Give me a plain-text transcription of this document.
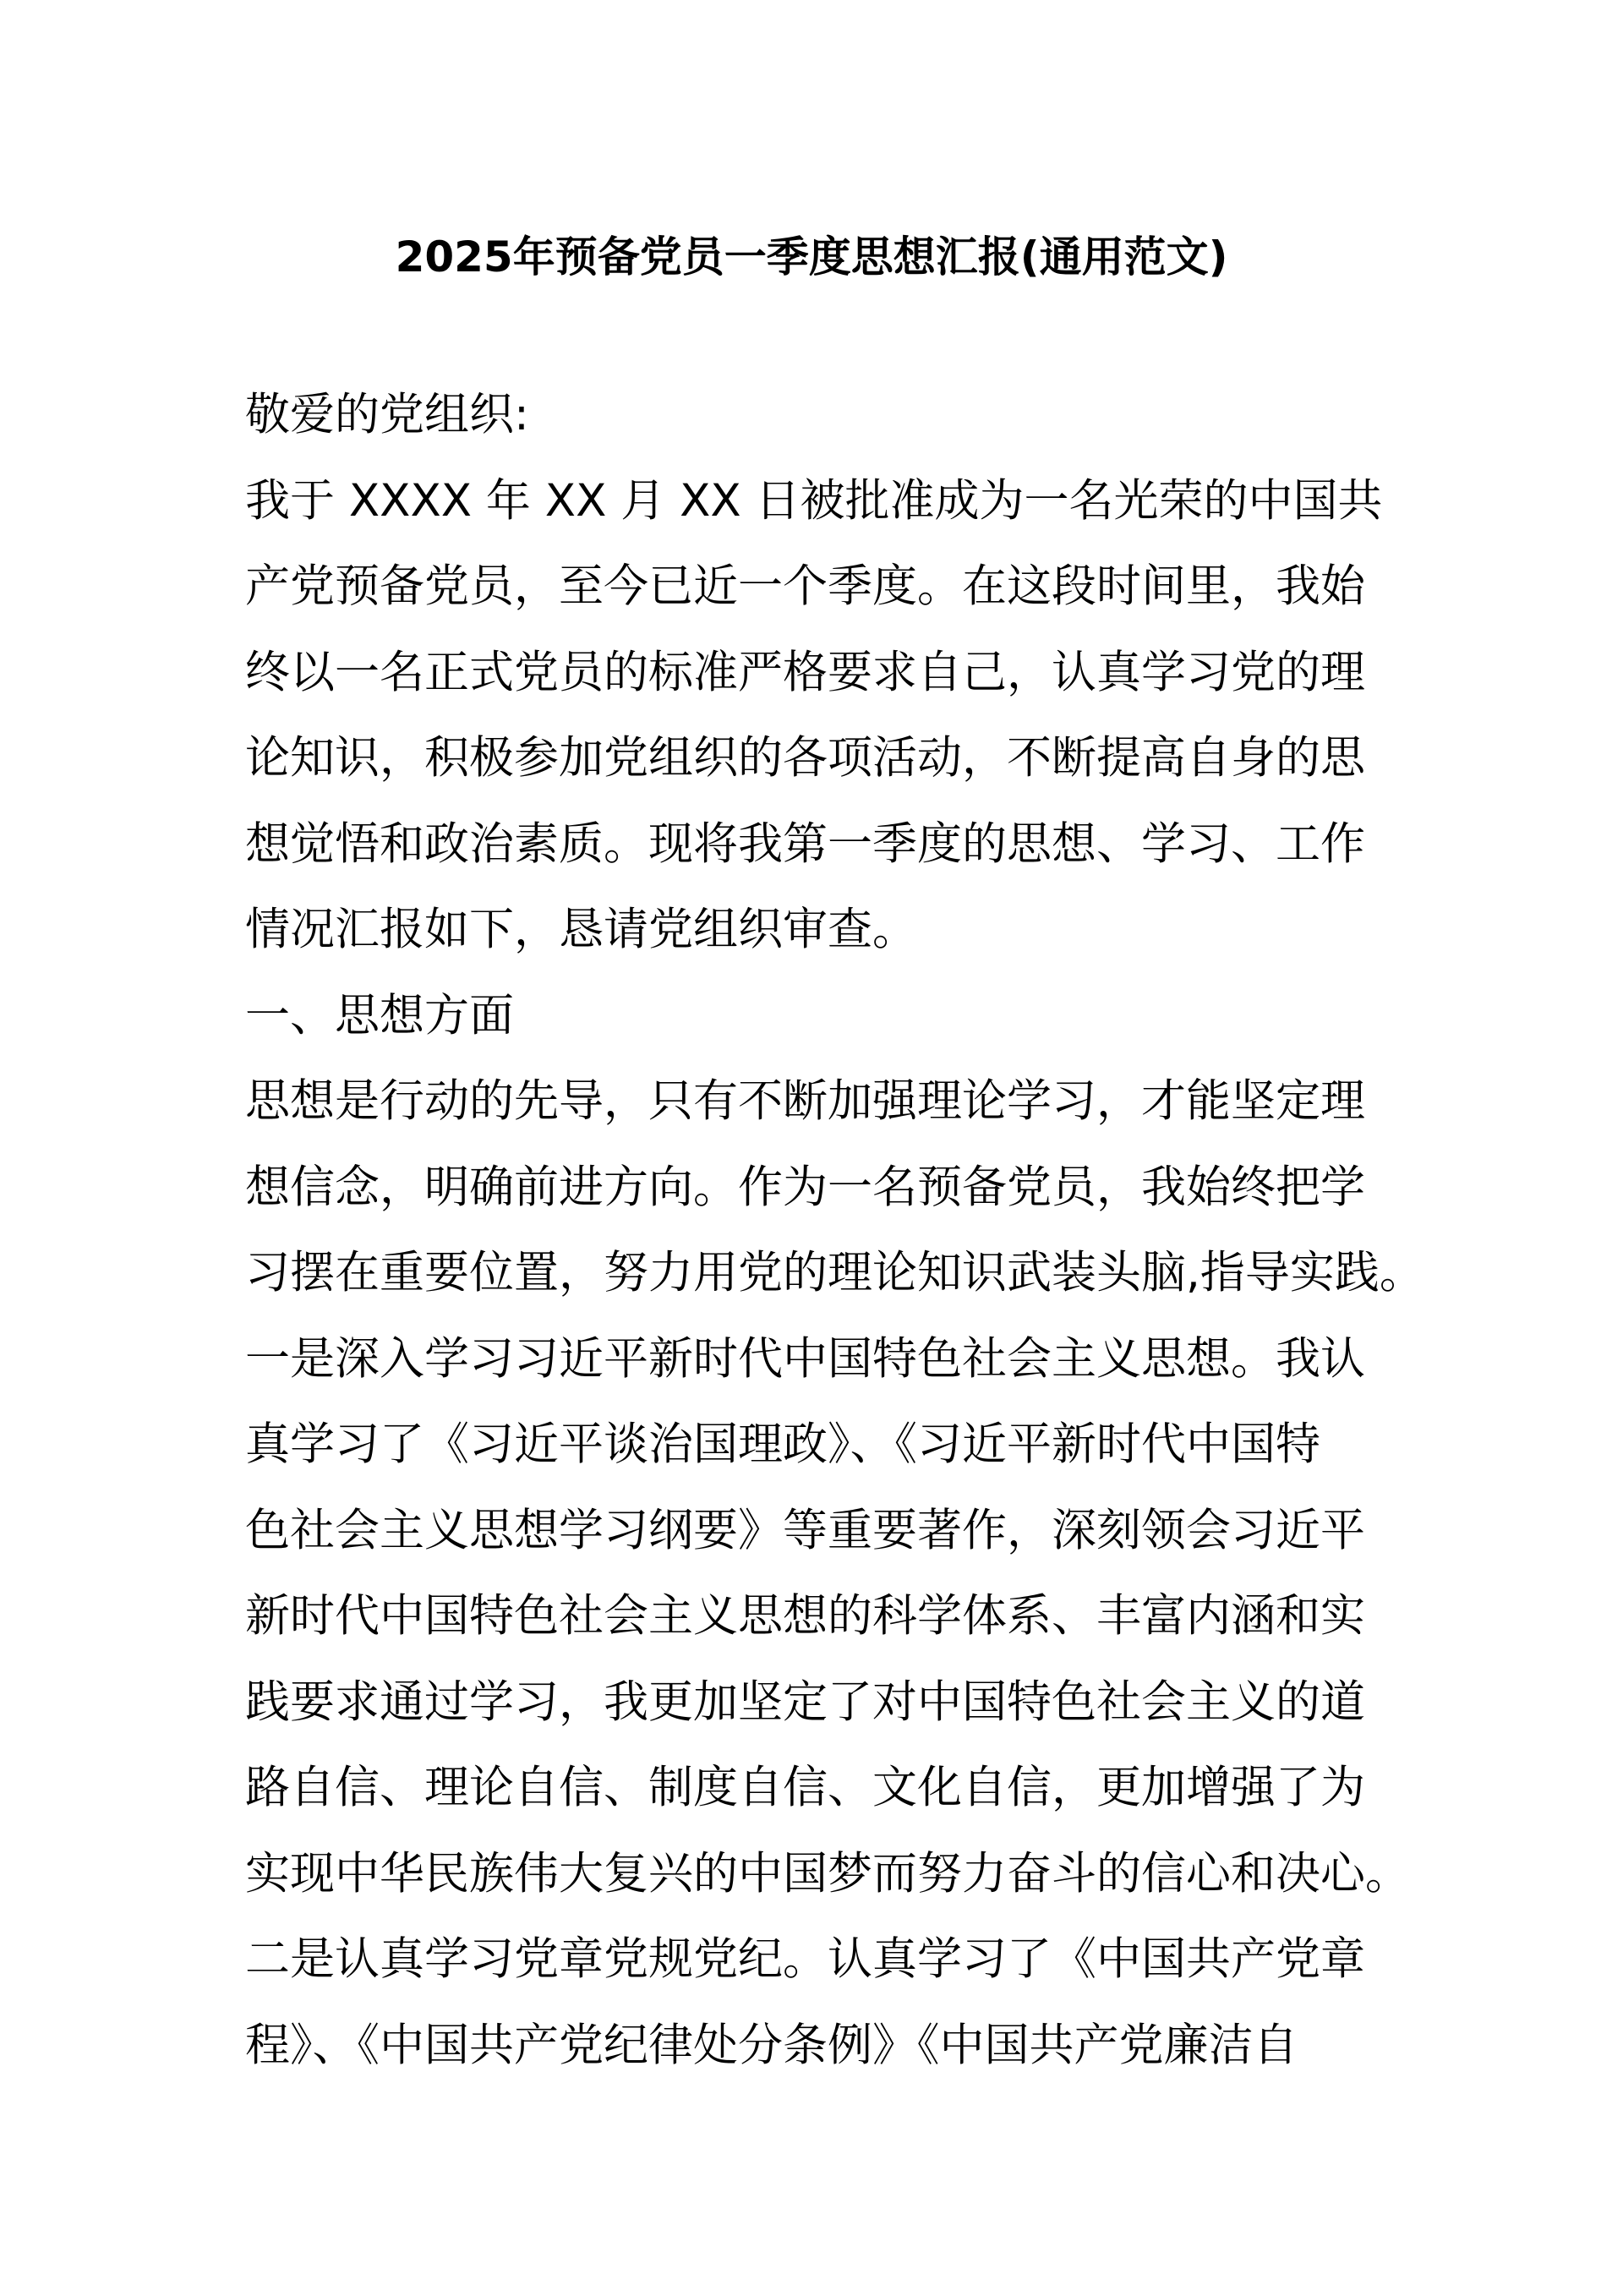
2025年预备党员一季度思想汇报(通用范文)
敬爱的党组织:
我于 XXXX 年 XX 月 XX 日被批准成为一名光荣的中国共
产党预备党员，至今已近一个季度。在这段时间里，我始
终以一名正式党员的标准严格要求自己，认真学习党的理
论知识，积极参加党组织的各项活动，不断提高自身的思
想觉悟和政治素质。现将我第一季度的思想、学习、工作
情况汇报如下，恳请党组织审查。
一、思想方面
思想是行动的先导，只有不断加强理论学习，才能坚定理
想信念，明确前进方向。作为一名预备党员，我始终把学
习摆在重要位置，努力用党的理论知识武装头脑,指导实践。
一是深入学习习近平新时代中国特色社会主义思想。我认
真学习了《习近平谈治国理政》、《习近平新时代中国特
色社会主义思想学习纲要》等重要著作，深刻领会习近平
新时代中国特色社会主义思想的科学体系、丰富内涵和实
践要求通过学习，我更加坚定了对中国特色社会主义的道
路自信、理论自信、制度自信、文化自信，更加增强了为
实现中华民族伟大复兴的中国梦而努力奋斗的信心和决心。
二是认真学习党章党规党纪。认真学习了《中国共产党章
程》、《中国共产党纪律处分条例》《中国共产党廉洁自
